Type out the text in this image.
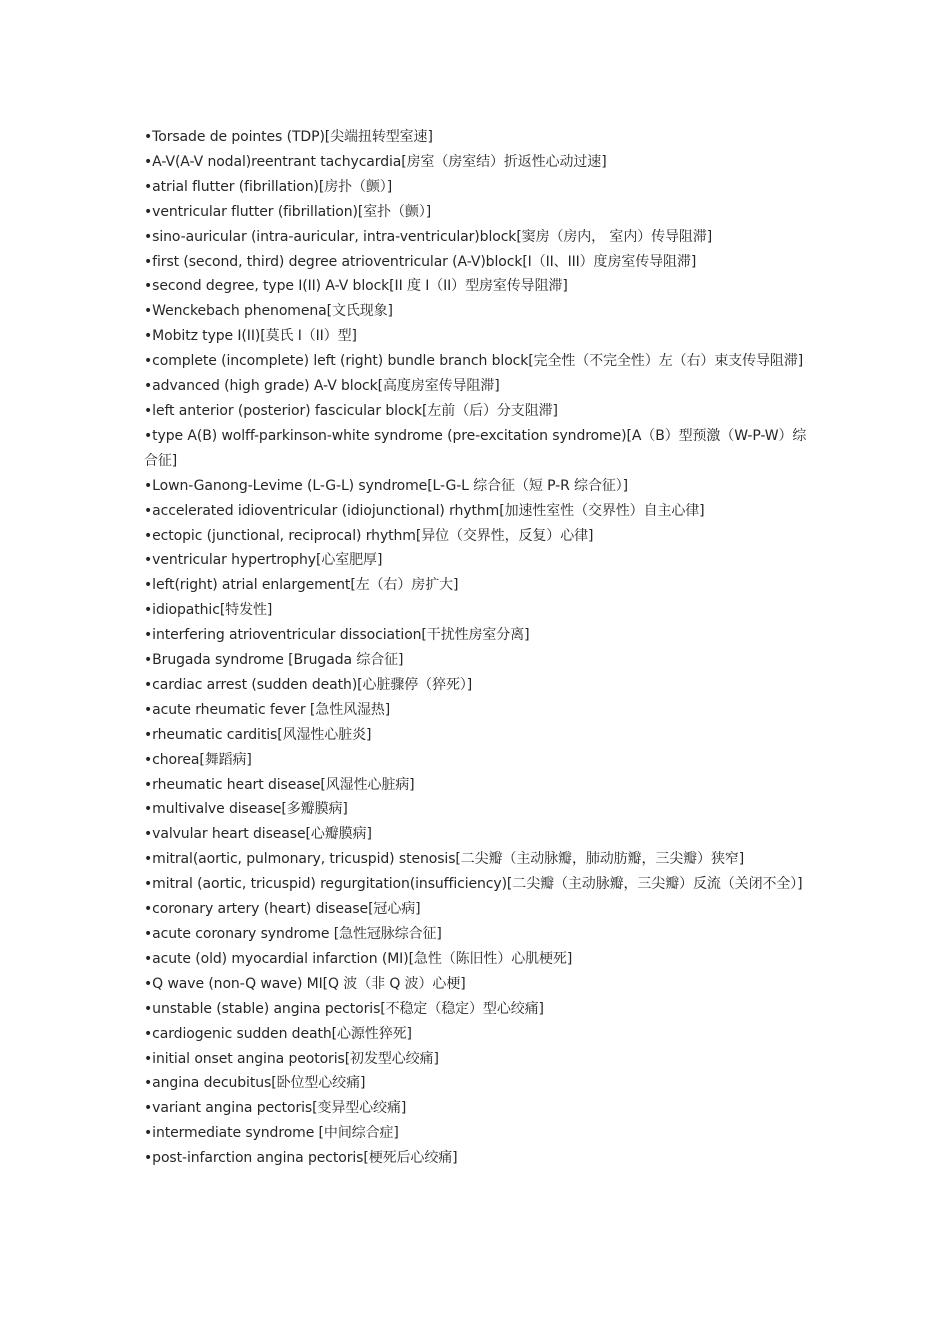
•Torsade de pointes (TDP)[尖端扭转型室速]
•A-V(A-V nodal)reentrant tachycardia[房室（房室结）折返性心动过速]
•atrial flutter (fibrillation)[房扑（颤）]
•ventricular flutter (fibrillation)[室扑（颤）]
•sino-auricular (intra-auricular, intra-ventricular)block[窦房（房内， 室内）传导阻滞]
•first (second, third) degree atrioventricular (A-V)block[I（II、III）度房室传导阻滞]
•second degree, type I(II) A-V block[II 度 I（II）型房室传导阻滞]
•Wenckebach phenomena[文氏现象]
•Mobitz type I(II)[莫氏 I（II）型]
•complete (incomplete) left (right) bundle branch block[完全性（不完全性）左（右）束支传导阻滞]
•advanced (high grade) A-V block[高度房室传导阻滞]
•left anterior (posterior) fascicular block[左前（后）分支阻滞]
•type A(B) wolff-parkinson-white syndrome (pre-excitation syndrome)[A（B）型预激（W-P-W）综合征]
•Lown-Ganong-Levime (L-G-L) syndrome[L-G-L 综合征（短 P-R 综合征）]
•accelerated idioventricular (idiojunctional) rhythm[加速性室性（交界性）自主心律]
•ectopic (junctional, reciprocal) rhythm[异位（交界性，反复）心律]
•ventricular hypertrophy[心室肥厚]
•left(right) atrial enlargement[左（右）房扩大]
•idiopathic[特发性]
•interfering atrioventricular dissociation[干扰性房室分离]
•Brugada syndrome [Brugada 综合征]
•cardiac arrest (sudden death)[心脏骤停（猝死）]
•acute rheumatic fever [急性风湿热]
•rheumatic carditis[风湿性心脏炎]
•chorea[舞蹈病]
•rheumatic heart disease[风湿性心脏病]
•multivalve disease[多瓣膜病]
•valvular heart disease[心瓣膜病]
•mitral(aortic, pulmonary, tricuspid) stenosis[二尖瓣（主动脉瓣，肺动肪瓣，三尖瓣）狭窄]
•mitral (aortic, tricuspid) regurgitation(insufficiency)[二尖瓣（主动脉瓣，三尖瓣）反流（关闭不全）]
•coronary artery (heart) disease[冠心病]
•acute coronary syndrome [急性冠脉综合征]
•acute (old) myocardial infarction (MI)[急性（陈旧性）心肌梗死]
•Q wave (non-Q wave) MI[Q 波（非 Q 波）心梗]
•unstable (stable) angina pectoris[不稳定（稳定）型心绞痛]
•cardiogenic sudden death[心源性猝死]
•initial onset angina peotoris[初发型心绞痛]
•angina decubitus[卧位型心绞痛]
•variant angina pectoris[变异型心绞痛]
•intermediate syndrome [中间综合症]
•post-infarction angina pectoris[梗死后心绞痛]
